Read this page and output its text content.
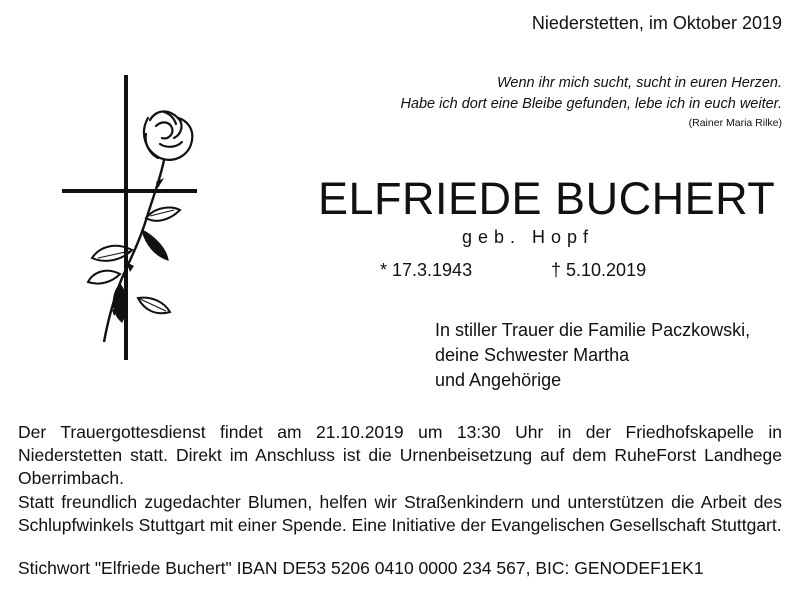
Niederstetten, im Oktober 2019
Wenn ihr mich sucht, sucht in euren Herzen.
Habe ich dort eine Bleibe gefunden, lebe ich in euch weiter.
(Rainer Maria Rilke)
ELFRIEDE BUCHERT
geb. Hopf
* 17.3.1943	† 5.10.2019
In stiller Trauer die Familie Paczkowski,
deine Schwester Martha
und Angehörige
Der Trauergottesdienst findet am 21.10.2019 um 13:30 Uhr in der Friedhofskapelle in Niederstetten statt. Direkt im Anschluss ist die Urnenbeisetzung auf dem RuheForst Landhege Oberrimbach.
Statt freundlich zugedachter Blumen, helfen wir Straßenkindern und unterstützen die Arbeit des Schlupfwinkels Stuttgart mit einer Spende. Eine Initiative der Evangelischen Gesellschaft Stuttgart.
Stichwort "Elfriede Buchert" IBAN DE53 5206 0410 0000 234 567, BIC: GENODEF1EK1
